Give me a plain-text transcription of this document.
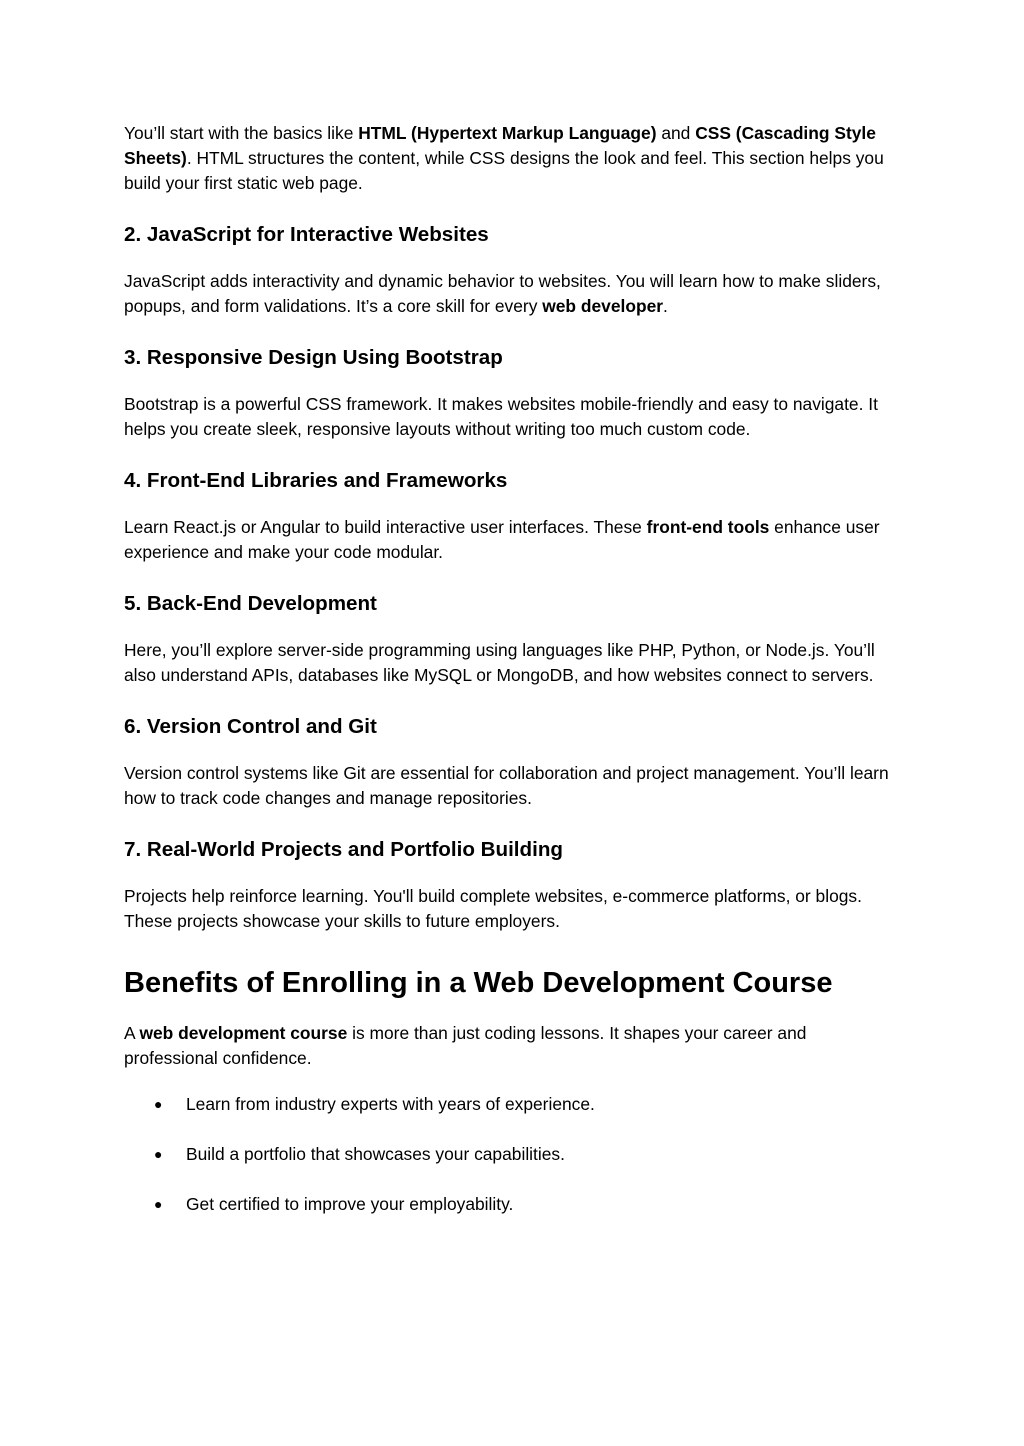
You’ll start with the basics like HTML (Hypertext Markup Language) and CSS (Cascading Style Sheets). HTML structures the content, while CSS designs the look and feel. This section helps you build your first static web page.

2. JavaScript for Interactive Websites

JavaScript adds interactivity and dynamic behavior to websites. You will learn how to make sliders, popups, and form validations. It’s a core skill for every web developer.

3. Responsive Design Using Bootstrap

Bootstrap is a powerful CSS framework. It makes websites mobile-friendly and easy to navigate. It helps you create sleek, responsive layouts without writing too much custom code.

4. Front-End Libraries and Frameworks

Learn React.js or Angular to build interactive user interfaces. These front-end tools enhance user experience and make your code modular.

5. Back-End Development

Here, you’ll explore server-side programming using languages like PHP, Python, or Node.js. You’ll also understand APIs, databases like MySQL or MongoDB, and how websites connect to servers.

6. Version Control and Git

Version control systems like Git are essential for collaboration and project management. You’ll learn how to track code changes and manage repositories.

7. Real-World Projects and Portfolio Building

Projects help reinforce learning. You'll build complete websites, e-commerce platforms, or blogs. These projects showcase your skills to future employers.

Benefits of Enrolling in a Web Development Course

A web development course is more than just coding lessons. It shapes your career and professional confidence.

● Learn from industry experts with years of experience.
● Build a portfolio that showcases your capabilities.
● Get certified to improve your employability.
